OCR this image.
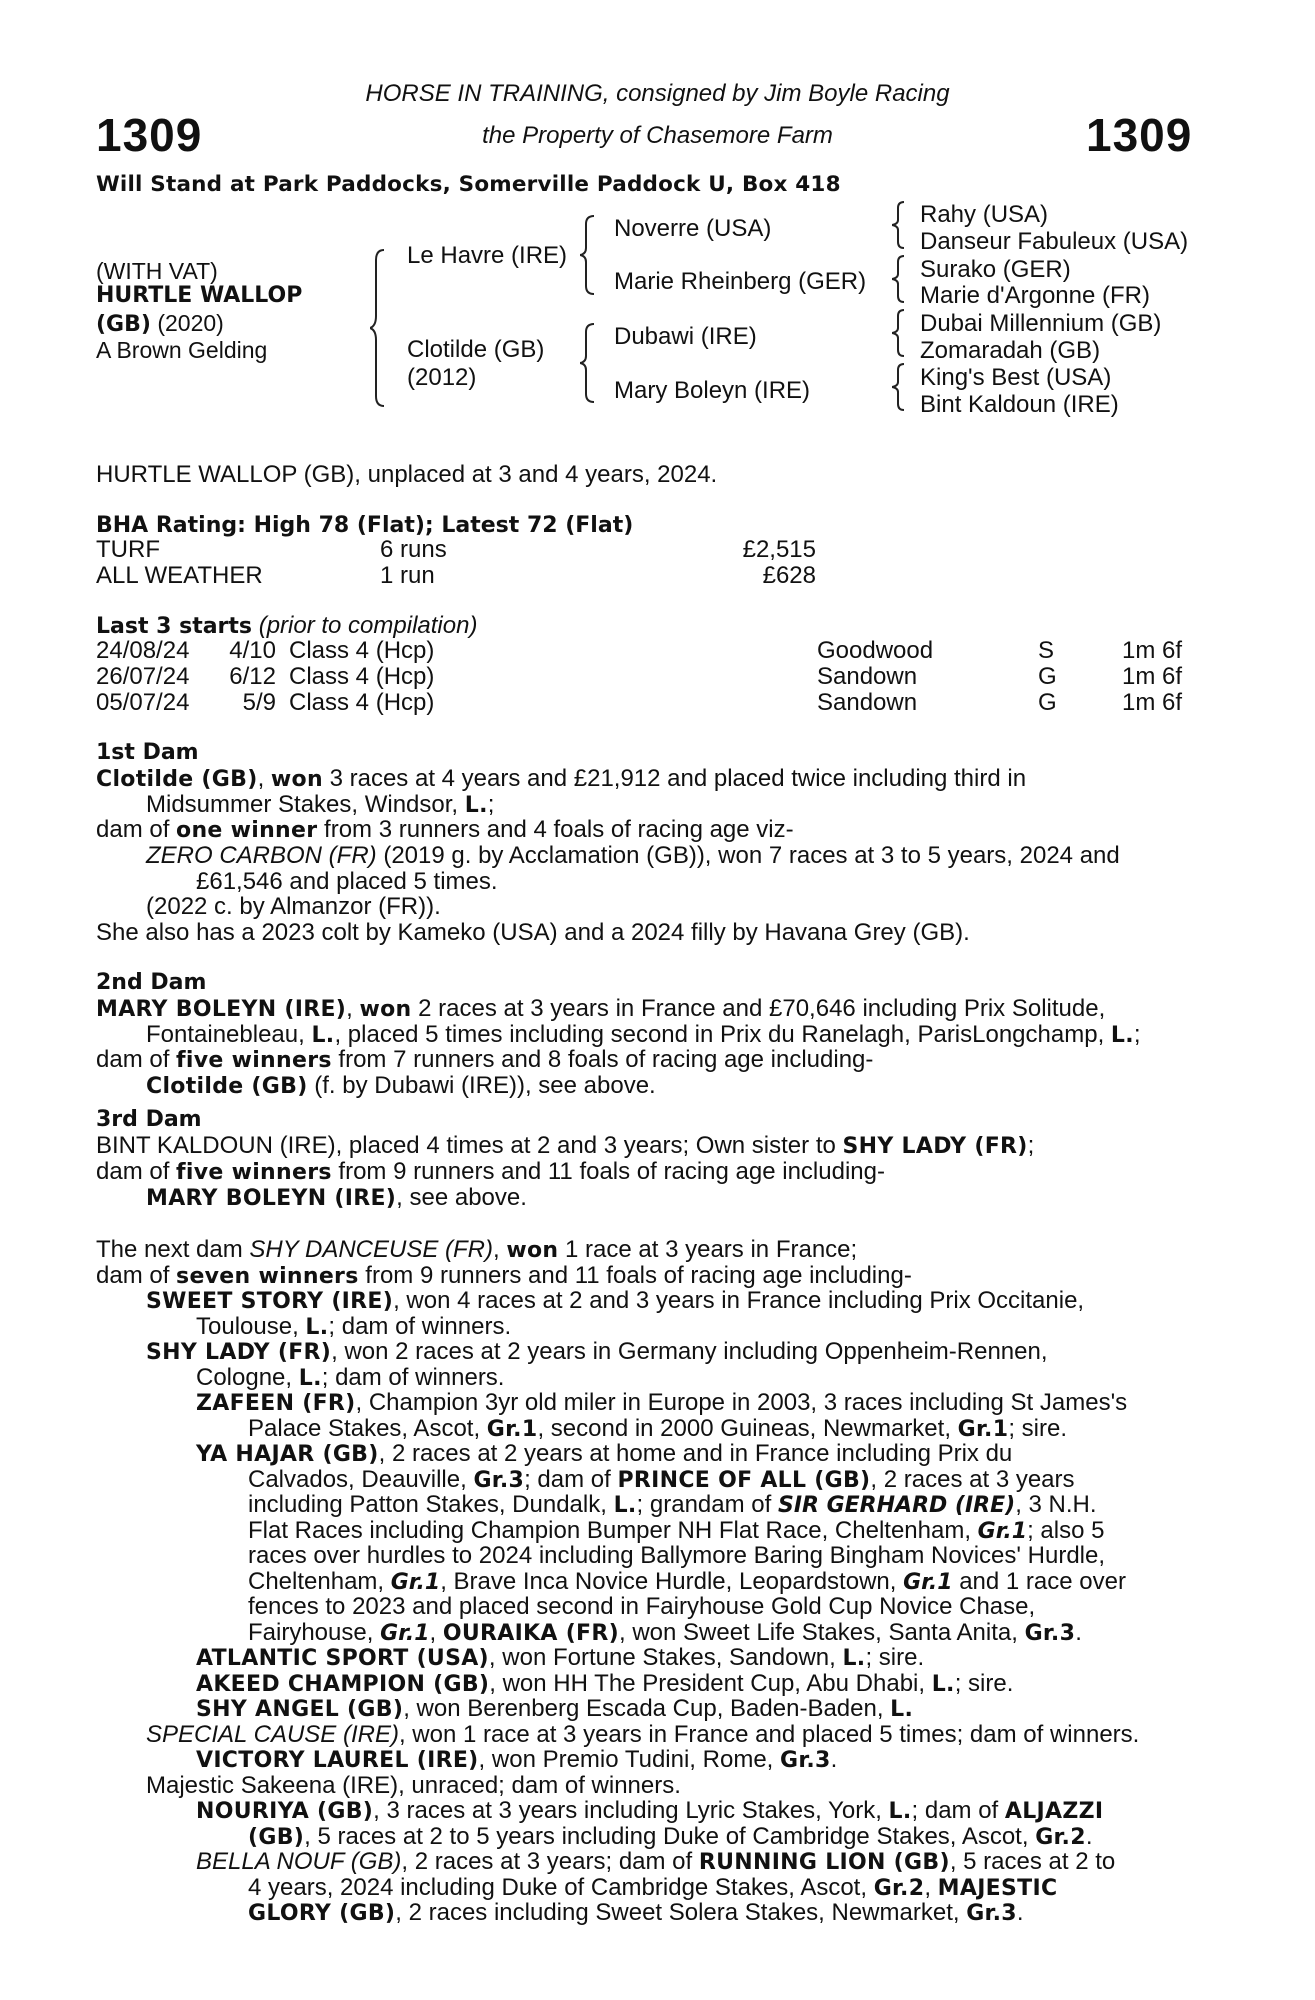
HORSE IN TRAINING, consigned by Jim Boyle Racing
the Property of Chasemore Farm
1309	1309
Will Stand at Park Paddocks, Somerville Paddock U, Box 418
(WITH VAT)
HURTLE WALLOP
(GB) (2020)
A Brown Gelding
Le Havre (IRE)
Clotilde (GB)
(2012)
Noverre (USA)
Marie Rheinberg (GER)
Dubawi (IRE)
Mary Boleyn (IRE)
Rahy (USA)
Danseur Fabuleux (USA)
Surako (GER)
Marie d'Argonne (FR)
Dubai Millennium (GB)
Zomaradah (GB)
King's Best (USA)
Bint Kaldoun (IRE)
HURTLE WALLOP (GB), unplaced at 3 and 4 years, 2024.
BHA Rating: High 78 (Flat); Latest 72 (Flat)
TURF	6 runs	£2,515
ALL WEATHER	1 run	£628
Last 3 starts (prior to compilation)
24/08/24 4/10 Class 4 (Hcp)	Goodwood	S	1m 6f
26/07/24 6/12 Class 4 (Hcp)	Sandown	G	1m 6f
05/07/24 5/9 Class 4 (Hcp)	Sandown	G	1m 6f
1st Dam
Clotilde (GB), won 3 races at 4 years and £21,912 and placed twice including third in
Midsummer Stakes, Windsor, L.;
dam of one winner from 3 runners and 4 foals of racing age viz-
ZERO CARBON (FR) (2019 g. by Acclamation (GB)), won 7 races at 3 to 5 years, 2024 and
£61,546 and placed 5 times.
(2022 c. by Almanzor (FR)).
She also has a 2023 colt by Kameko (USA) and a 2024 filly by Havana Grey (GB).
2nd Dam
MARY BOLEYN (IRE), won 2 races at 3 years in France and £70,646 including Prix Solitude,
Fontainebleau, L., placed 5 times including second in Prix du Ranelagh, ParisLongchamp, L.;
dam of five winners from 7 runners and 8 foals of racing age including-
Clotilde (GB) (f. by Dubawi (IRE)), see above.
3rd Dam
BINT KALDOUN (IRE), placed 4 times at 2 and 3 years; Own sister to SHY LADY (FR);
dam of five winners from 9 runners and 11 foals of racing age including-
MARY BOLEYN (IRE), see above.
The next dam SHY DANCEUSE (FR), won 1 race at 3 years in France;
dam of seven winners from 9 runners and 11 foals of racing age including-
SWEET STORY (IRE), won 4 races at 2 and 3 years in France including Prix Occitanie,
Toulouse, L.; dam of winners.
SHY LADY (FR), won 2 races at 2 years in Germany including Oppenheim-Rennen,
Cologne, L.; dam of winners.
ZAFEEN (FR), Champion 3yr old miler in Europe in 2003, 3 races including St James's
Palace Stakes, Ascot, Gr.1, second in 2000 Guineas, Newmarket, Gr.1; sire.
YA HAJAR (GB), 2 races at 2 years at home and in France including Prix du
Calvados, Deauville, Gr.3; dam of PRINCE OF ALL (GB), 2 races at 3 years
including Patton Stakes, Dundalk, L.; grandam of SIR GERHARD (IRE), 3 N.H.
Flat Races including Champion Bumper NH Flat Race, Cheltenham, Gr.1; also 5
races over hurdles to 2024 including Ballymore Baring Bingham Novices' Hurdle,
Cheltenham, Gr.1, Brave Inca Novice Hurdle, Leopardstown, Gr.1 and 1 race over
fences to 2023 and placed second in Fairyhouse Gold Cup Novice Chase,
Fairyhouse, Gr.1, OURAIKA (FR), won Sweet Life Stakes, Santa Anita, Gr.3.
ATLANTIC SPORT (USA), won Fortune Stakes, Sandown, L.; sire.
AKEED CHAMPION (GB), won HH The President Cup, Abu Dhabi, L.; sire.
SHY ANGEL (GB), won Berenberg Escada Cup, Baden-Baden, L.
SPECIAL CAUSE (IRE), won 1 race at 3 years in France and placed 5 times; dam of winners.
VICTORY LAUREL (IRE), won Premio Tudini, Rome, Gr.3.
Majestic Sakeena (IRE), unraced; dam of winners.
NOURIYA (GB), 3 races at 3 years including Lyric Stakes, York, L.; dam of ALJAZZI
(GB), 5 races at 2 to 5 years including Duke of Cambridge Stakes, Ascot, Gr.2.
BELLA NOUF (GB), 2 races at 3 years; dam of RUNNING LION (GB), 5 races at 2 to
4 years, 2024 including Duke of Cambridge Stakes, Ascot, Gr.2, MAJESTIC
GLORY (GB), 2 races including Sweet Solera Stakes, Newmarket, Gr.3.
